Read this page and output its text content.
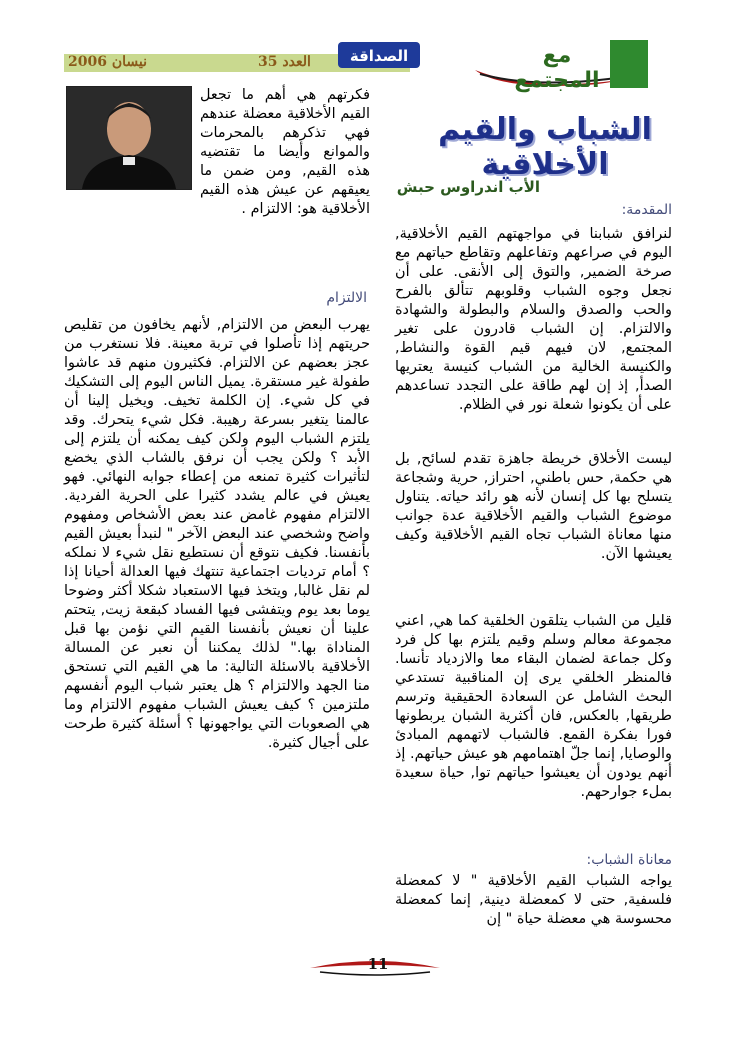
نيسان 2006	العدد 35	الصداقة	مع المجتمع
الشباب والقيم الأخلاقية
الأب اندراوس حبش
المقدمة:
لنرافق شبابنا في مواجهتهم القيم الأخلاقية, اليوم في صراعهم وتفاعلهم وتقاطع حياتهم مع صرخة الضمير, والتوق إلى الأنقى. على أن نجعل وجوه الشباب وقلوبهم تتألق بالفرح والحب والصدق والسلام والبطولة والشهادة والالتزام. إن الشباب قادرون على تغير المجتمع, لان فيهم قيم القوة والنشاط, والكنيسة الخالية من الشباب كنيسة يعتريها الصدأ, إذ إن لهم طاقة على التجدد تساعدهم على أن يكونوا شعلة نور في الظلام.
ليست الأخلاق خريطة جاهزة تقدم لسائح, بل هي حكمة, حس باطني, احتراز, حرية وشجاعة يتسلح بها كل إنسان لأنه هو رائد حياته. يتناول موضوع الشباب والقيم الأخلاقية عدة جوانب منها معاناة الشباب تجاه القيم الأخلاقية وكيف يعيشها الآن.
قليل من الشباب يتلقون الخلقية كما هي, اعني مجموعة معالم وسلم وقيم يلتزم بها كل فرد وكل جماعة لضمان البقاء معا والازدياد تأنسا. فالمنظر الخلقي يرى إن المناقبية تستدعي البحث الشامل عن السعادة الحقيقية وترسم طريقها, بالعكس, فان أكثرية الشبان يربطونها فورا بفكرة القمع. فالشباب لاتهمهم المبادئ والوصايا, إنما جلّ اهتمامهم هو عيش حياتهم. إذ أنهم يودون أن يعيشوا حياتهم توا, حياة سعيدة بملء جوارحهم.
معاناة الشباب:
يواجه الشباب القيم الأخلاقية " لا كمعضلة فلسفية, حتى لا كمعضلة دينية, إنما كمعضلة محسوسة هي معضلة حياة " إن
فكرتهم هي أهم ما تجعل القيم الأخلاقية معضلة عندهم فهي تذكرهم بالمحرمات والموانع وأيضا ما تقتضيه هذه القيم, ومن ضمن ما يعيقهم عن عيش هذه القيم الأخلاقية هو: الالتزام .
الالتزام
يهرب البعض من الالتزام, لأنهم يخافون من تقليص حريتهم إذا تأصلوا في تربة معينة. فلا نستغرب من عجز بعضهم عن الالتزام. فكثيرون منهم قد عاشوا طفولة غير مستقرة. يميل الناس اليوم إلى التشكيك في كل شيء. إن الكلمة تخيف. ويخيل إلينا أن عالمنا يتغير بسرعة رهيبة. فكل شيء يتحرك. وقد يلتزم الشباب اليوم ولكن كيف يمكنه أن يلتزم إلى الأبد ؟ ولكن يجب أن نرفق بالشاب الذي يخضع لتأثيرات كثيرة تمنعه من إعطاء جوابه النهائي. فهو يعيش في عالم يشدد كثيرا على الحرية الفردية. الالتزام مفهوم غامض عند بعض الأشخاص ومفهوم واضح وشخصي عند البعض الآخر " لنبدأ بعيش القيم بأنفسنا. فكيف نتوقع أن نستطيع نقل شيء لا نملكه ؟ أمام ترديات اجتماعية تنتهك فيها العدالة أحيانا إذا لم نقل غالبا, ويتخذ فيها الاستعباد شكلا أكثر وضوحا يوما بعد يوم ويتفشى فيها الفساد كبقعة زيت, يتحتم علينا أن نعيش بأنفسنا القيم التي نؤمن بها قبل المناداة بها." لذلك يمكننا أن نعبر عن المسالة الأخلاقية بالاسئلة التالية: ما هي القيم التي تستحق منا الجهد والالتزام ؟ هل يعتبر شباب اليوم أنفسهم ملتزمين ؟ كيف يعيش الشباب مفهوم الالتزام وما هي الصعوبات التي يواجهونها ؟ أسئلة كثيرة طرحت على أجيال كثيرة.
11
